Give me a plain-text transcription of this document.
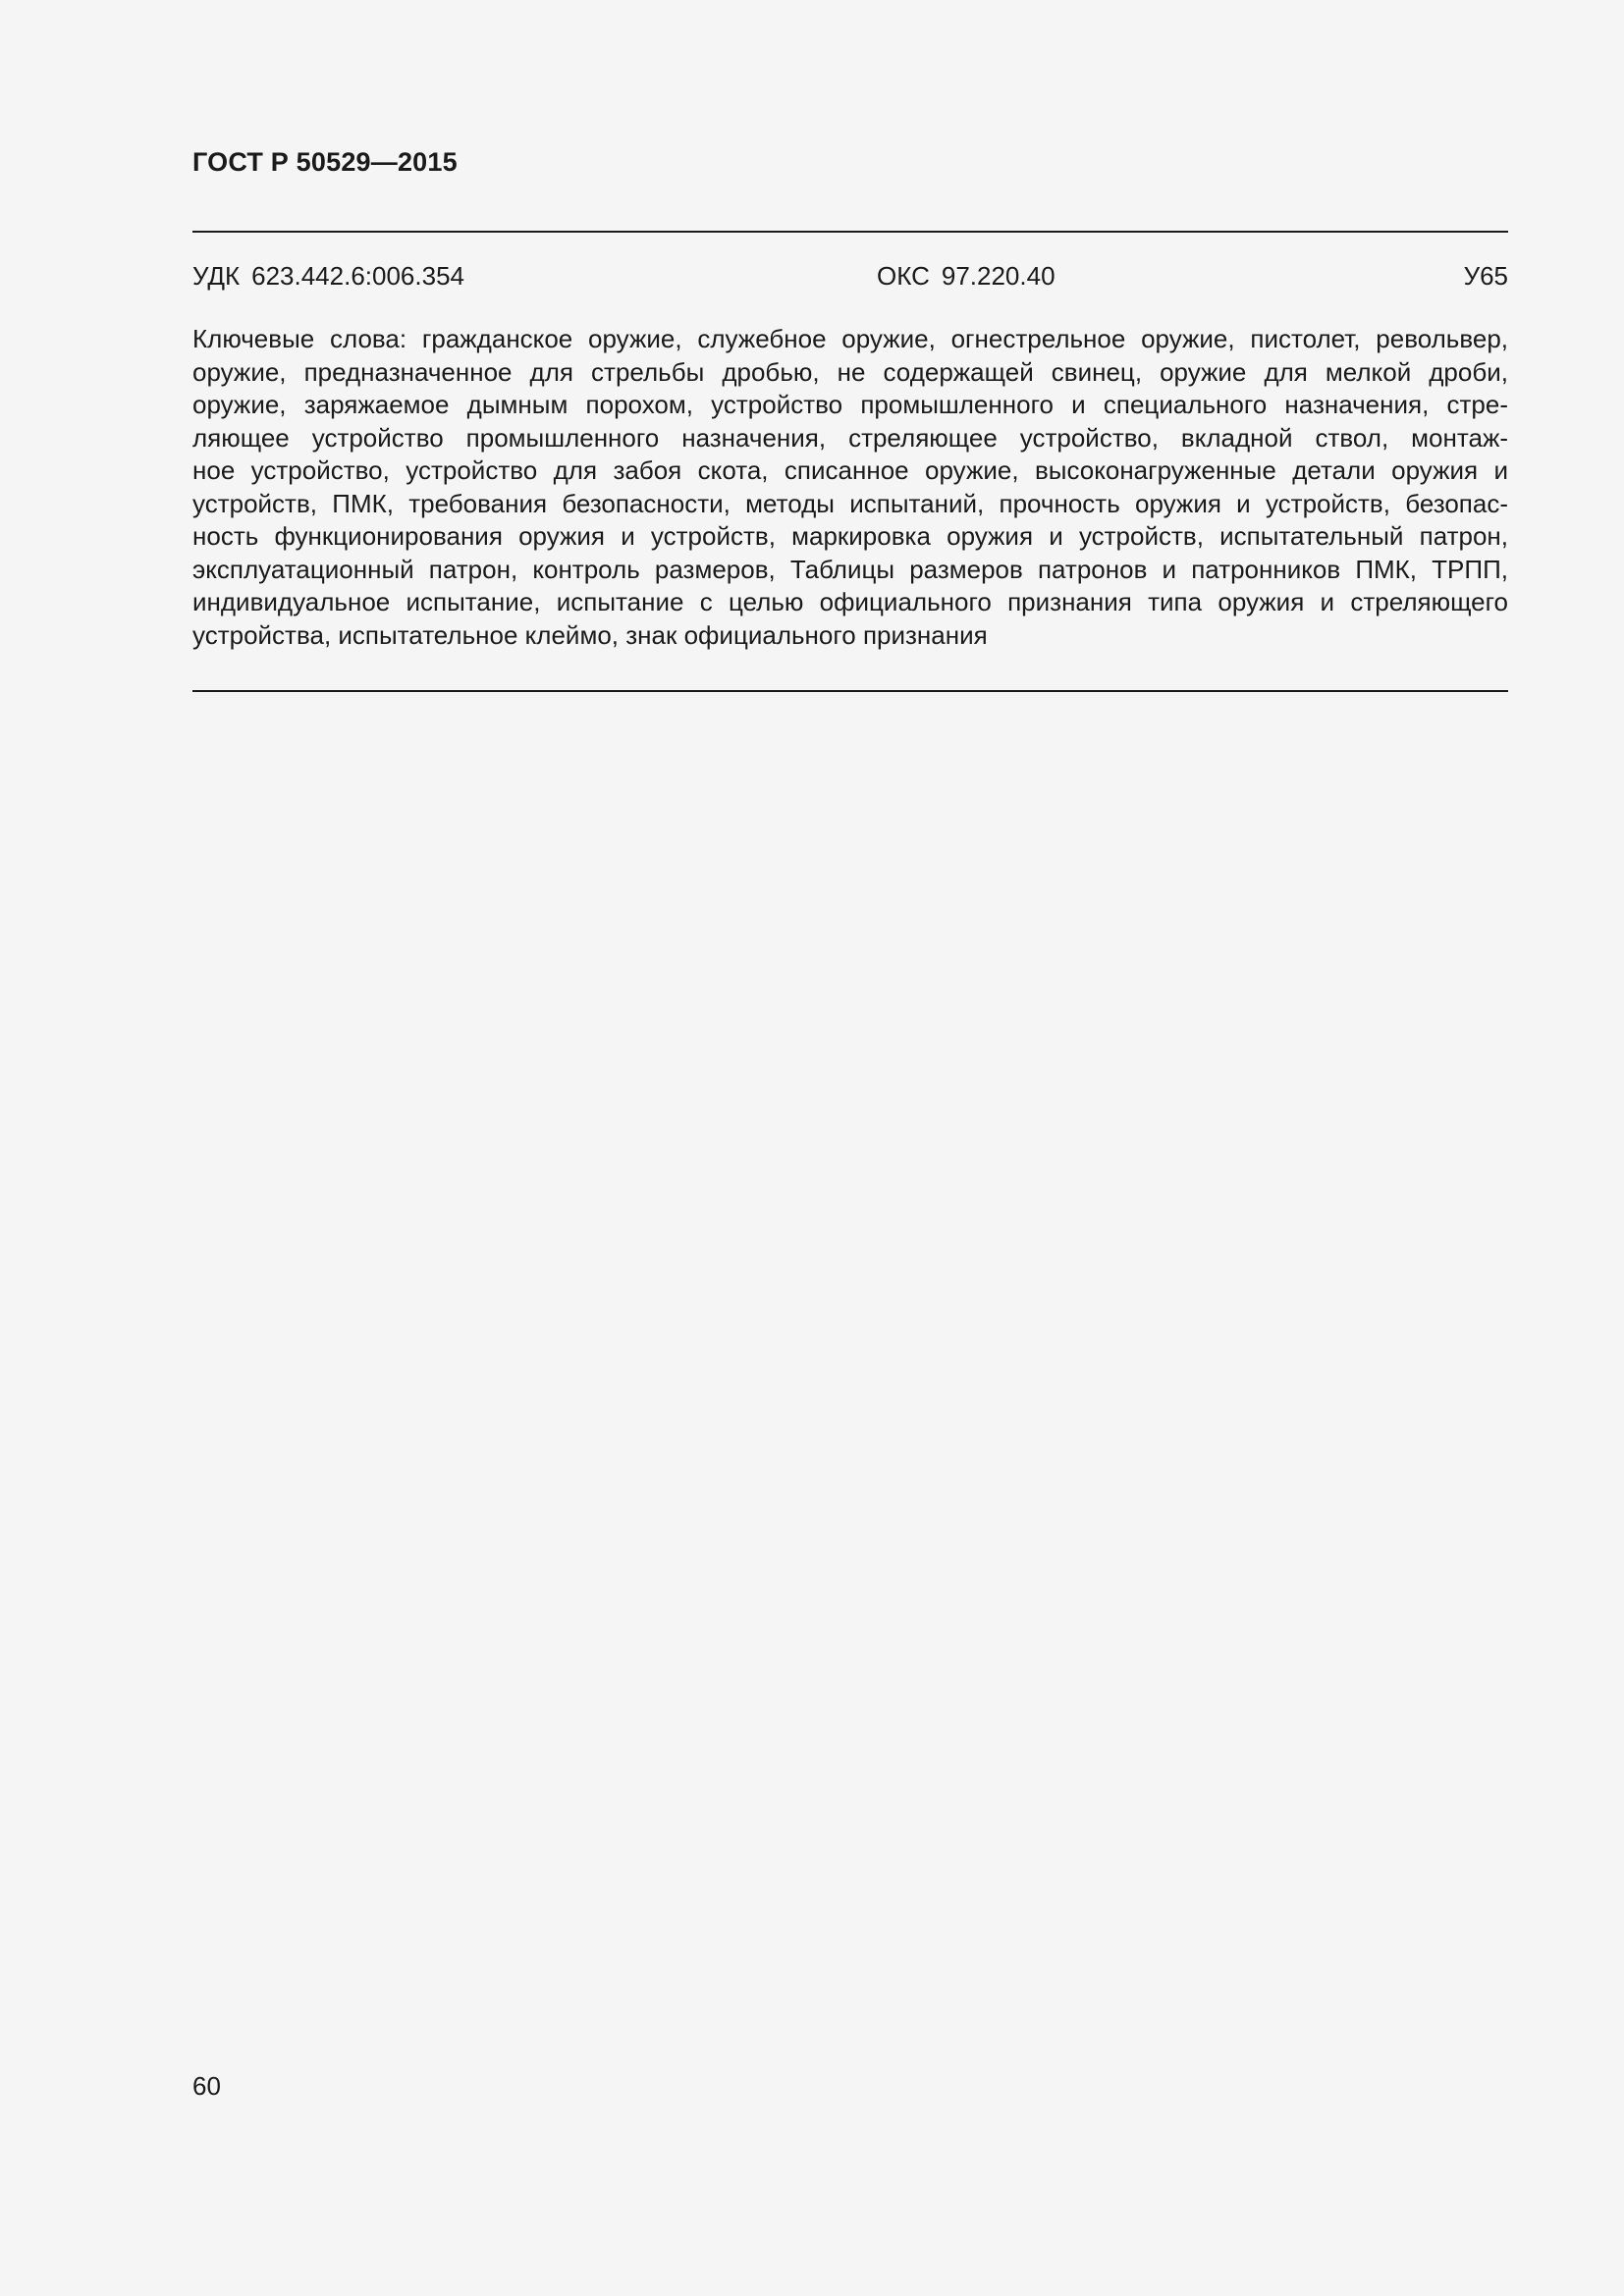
ГОСТ Р 50529—2015
УДК 623.442.6:006.354	ОКС 97.220.40	У65
Ключевые слова: гражданское оружие, служебное оружие, огнестрельное оружие, пистолет, револьвер,
оружие, предназначенное для стрельбы дробью, не содержащей свинец, оружие для мелкой дроби,
оружие, заряжаемое дымным порохом, устройство промышленного и специального назначения, стре-
ляющее устройство промышленного назначения, стреляющее устройство, вкладной ствол, монтаж-
ное устройство, устройство для забоя скота, списанное оружие, высоконагруженные детали оружия и
устройств, ПМК, требования безопасности, методы испытаний, прочность оружия и устройств, безопас-
ность функционирования оружия и устройств, маркировка оружия и устройств, испытательный патрон,
эксплуатационный патрон, контроль размеров, Таблицы размеров патронов и патронников ПМК, ТРПП,
индивидуальное испытание, испытание с целью официального признания типа оружия и стреляющего
устройства, испытательное клеймо, знак официального признания
60
